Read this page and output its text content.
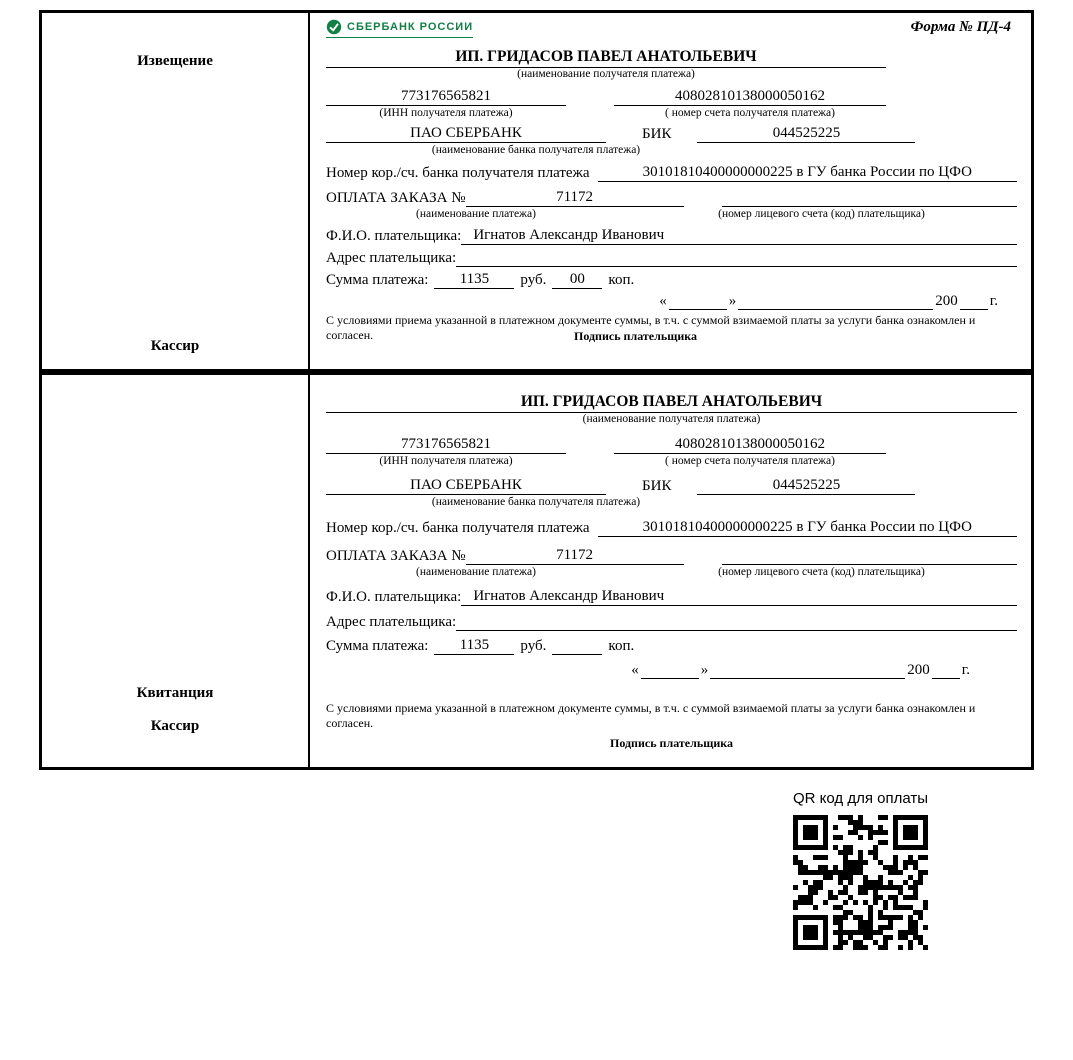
Извещение
Кассир
СБЕРБАНК РОССИИ	Форма № ПД-4
ИП. ГРИДАСОВ ПАВЕЛ АНАТОЛЬЕВИЧ
(наименование получателя платежа)
773176565821	40802810138000050162
(ИНН получателя платежа)	( номер счета получателя платежа)
ПАО СБЕРБАНК	БИК	044525225
(наименование банка получателя платежа)
Номер кор./сч. банка получателя платежа	30101810400000000225 в ГУ банка России по ЦФО
ОПЛАТА ЗАКАЗА №	71172
(наименование платежа)	(номер лицевого счета (код) плательщика)
Ф.И.О. плательщика: Игнатов Александр Иванович
Адрес плательщика:
Сумма платежа:	1135	руб.	00	коп.
«	»	200 г.
С условиями приема указанной в платежном документе суммы, в т.ч. с суммой взимаемой платы за услуги банка ознакомлен и согласен.	Подпись плательщика
Квитанция
Кассир
ИП. ГРИДАСОВ ПАВЕЛ АНАТОЛЬЕВИЧ
(наименование получателя платежа)
773176565821	40802810138000050162
(ИНН получателя платежа)	( номер счета получателя платежа)
ПАО СБЕРБАНК	БИК	044525225
(наименование банка получателя платежа)
Номер кор./сч. банка получателя платежа	30101810400000000225 в ГУ банка России по ЦФО
ОПЛАТА ЗАКАЗА №	71172
(наименование платежа)	(номер лицевого счета (код) плательщика)
Ф.И.О. плательщика: Игнатов Александр Иванович
Адрес плательщика:
Сумма платежа:	1135	руб.	коп.
«	»	200 г.
С условиями приема указанной в платежном документе суммы, в т.ч. с суммой взимаемой платы за услуги банка ознакомлен и согласен.
Подпись плательщика
QR код для оплаты
